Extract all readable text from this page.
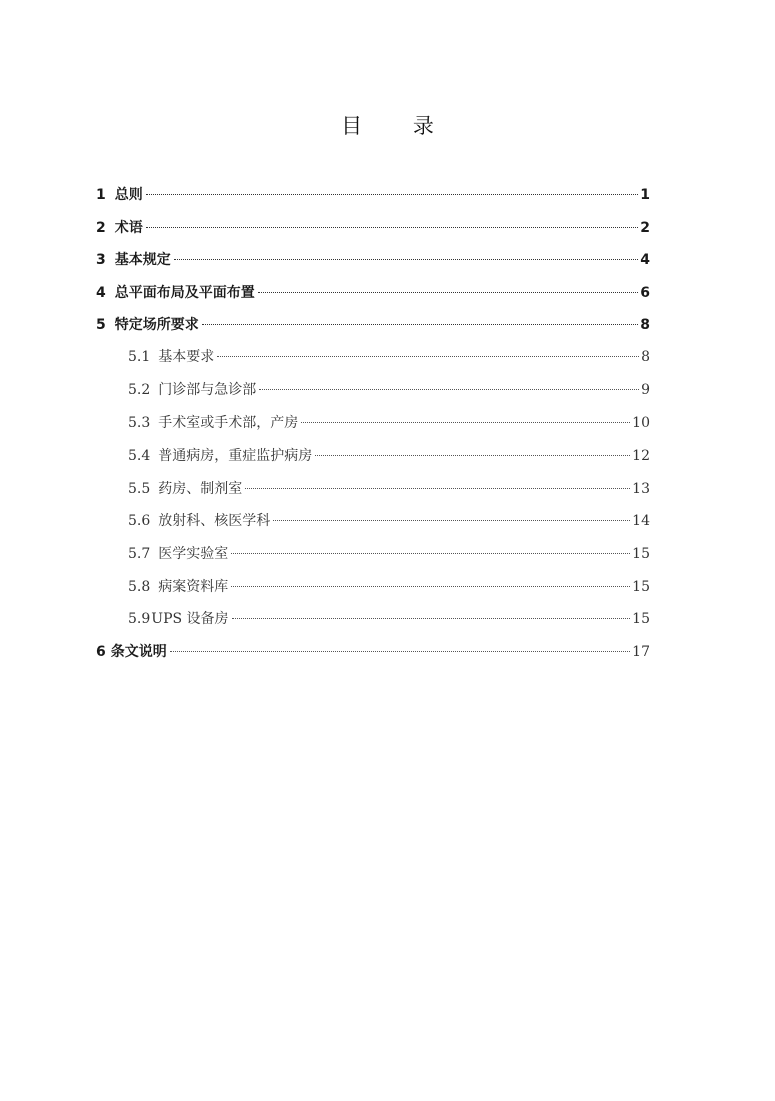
目 录
1 总则	1
2 术语	2
3 基本规定	4
4 总平面布局及平面布置	6
5 特定场所要求	8
5.1 基本要求	8
5.2 门诊部与急诊部	9
5.3 手术室或手术部，产房	10
5.4 普通病房，重症监护病房	12
5.5 药房、制剂室	13
5.6 放射科、核医学科	14
5.7 医学实验室	15
5.8 病案资料库	15
5.9 UPS 设备房	15
6 条文说明	17
